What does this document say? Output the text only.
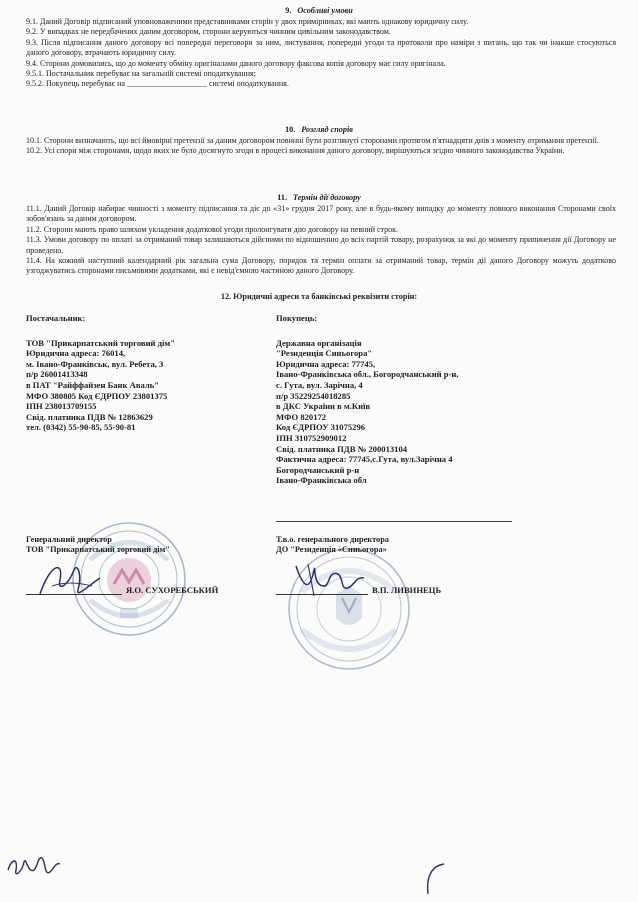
9. Особливі умови

9.1. Даний Договір підписаний уповноваженими представниками сторін у двох примірниках, які мають однакову юридичну силу.

9.2. У випадках не передбачених даним договором, сторони керуються чинним цивільним законодавством.

9.3. Після підписання даного договору всі попередні переговори за ним, листування, попередні угоди та протоколи про наміри з питань, що так чи інакше стосуються даного договору, втрачають юридичну силу.

9.4. Сторони домовились, що до моменту обміну оригіналами даного договору факсова копія договору має силу оригінала.

9.5.1. Постачальник перебуває на загальній системі оподаткування;

9.5.2. Покупець перебуває на ____________________ системі оподаткування.

10. Розгляд спорів

10.1. Сторони визначають, що всі ймовірні претензії за даним договором повинні бути розглянуті сторонами протягом п'ятнадцяти днів з моменту отримання претензії.

10.2. Усі спори між сторонами, щодо яких не було досягнуто згоди в процесі виконання даного договору, вирішуються згідно чинного законодавства України.

11. Термін дії договору

11.1. Даний Договір набирає чинності з моменту підписання та діє до «31» грудня 2017 року, але в будь-якому випадку до моменту повного виконання Сторонами своїх зобов'язань за даним договором.

11.2. Сторони мають право шляхом укладення додаткової угоди пролонгувати дію договору на певний строк.

11.3. Умови договору по оплаті за отриманий товар залишаються дійсними по відношенню до всіх партій товару, розрахунок за які до моменту припинення дії Договору не проведено.

11.4. На кожний наступний календарний рік загальна сума Договору, порядок та термін оплати за отриманий товар, термін дії даного Договору можуть додатково узгоджуватись сторонами письмовими додатками, які є невід'ємною частиною даного Договору.

12. Юридичні адреси та банківські реквізити сторін:
Постачальник:
ТОВ "Прикарпатський торговий дім"
Юридична адреса: 76014,
м. Івано-Франківськ, вул. Ребета, 3
п/р 26001413348
в ПАТ "Райффайзен Банк Аваль"
МФО 380805 Код ЄДРПОУ 23801375
ІПН 238013709155
Свід. платника ПДВ № 12863629
тел. (0342) 55-90-85, 55-90-81
Покупець:
Державна організація
"Резиденція Синьогора"
Юридична адреса: 77745,
Івано-Франківська обл., Богородчанський р-н,
с. Гута, вул. Зарічна, 4
п/р 35229254018285
в ДКС України в м.Київ
МФО 820172
Код ЄДРПОУ 31075296
ІПН 310752909012
Свід. платника ПДВ № 200013104
Фактична адреса: 77745,с.Гута, вул.Зарічна 4
Богородчанський р-н
Івано-Франківська обл
Генеральний директор
ТОВ "Прикарпатський торговий дім"
Я.О. СУХОРЕБСЬКИЙ
Т.в.о. генерального директора
ДО "Резиденція «Синьогора»
В.П. ЛИВИНЕЦЬ
